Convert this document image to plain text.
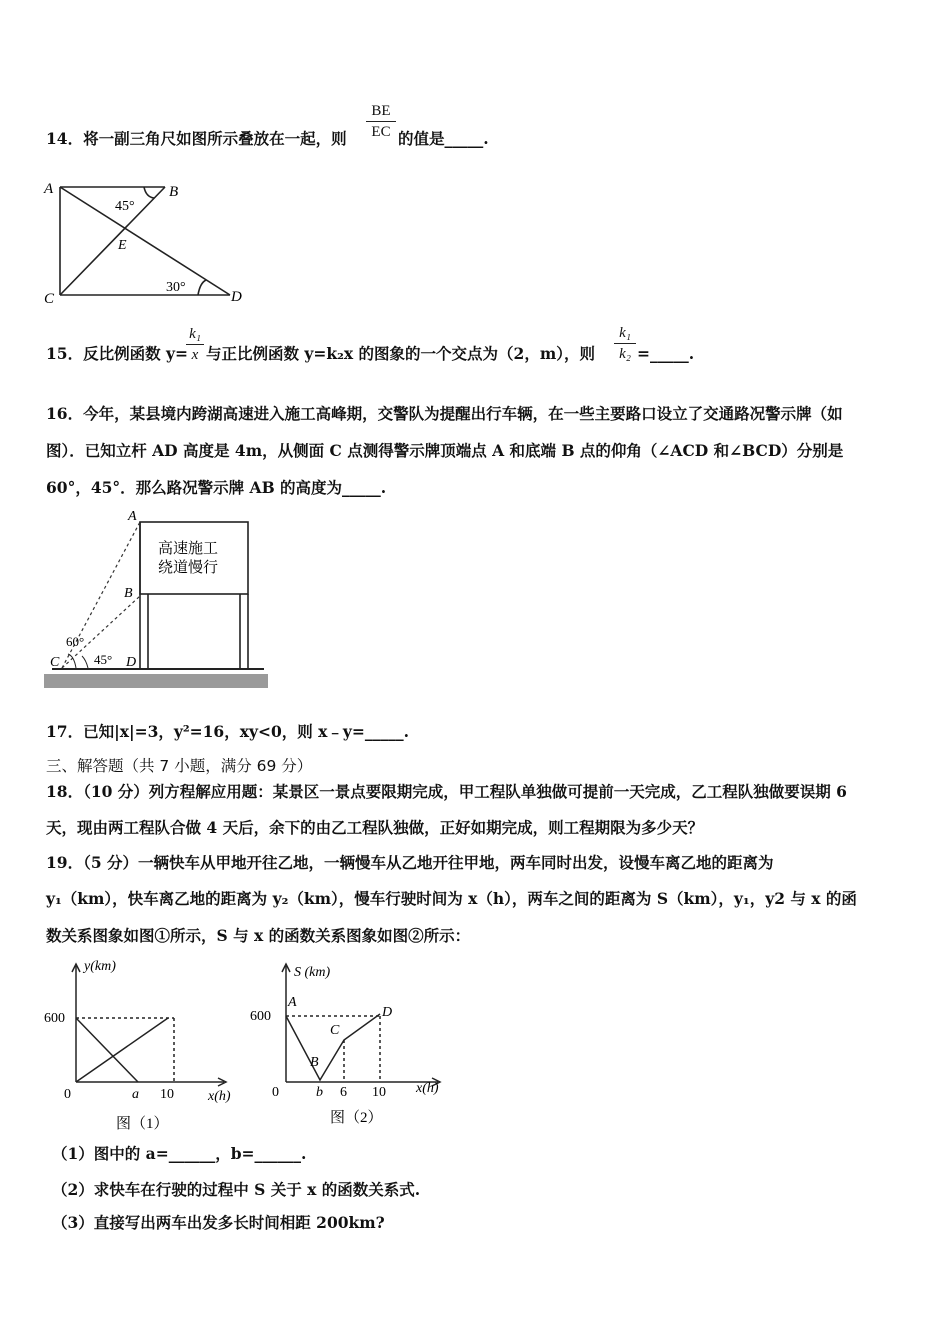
14．将一副三角尺如图所示叠放在一起，则
BE
EC 的值是_____.
A	B
C	D
E
45°
30°
15．反比例函数 y=
k₁
x 与正比例函数 y=k₂x 的图象的一个交点为（2，m），则
k₁
k₂ =_____.
16．今年，某县境内跨湖高速进入施工高峰期，交警队为提醒出行车辆，在一些主要路口设立了交通路况警示牌（如
图）．已知立杆 AD 高度是 4m，从侧面 C 点测得警示牌顶端点 A 和底端 B 点的仰角（∠ACD 和∠BCD）分别是
60°，45°．那么路况警示牌 AB 的高度为_____.
高速施工
绕道慢行
A
B
C	D
60°
45°
17．已知|x|=3，y²=16，xy<0，则 x﹣y=_____.
三、解答题（共 7 小题，满分 69 分）
18．（10 分）列方程解应用题：某景区一景点要限期完成，甲工程队单独做可提前一天完成，乙工程队独做要误期 6
天，现由两工程队合做 4 天后，余下的由乙工程队独做，正好如期完成，则工程期限为多少天？
19．（5 分）一辆快车从甲地开往乙地，一辆慢车从乙地开往甲地，两车同时出发，设慢车离乙地的距离为
y₁（km），快车离乙地的距离为 y₂（km），慢车行驶时间为 x（h），两车之间的距离为 S（km），y₁，y2 与 x 的函
数关系图象如图①所示，S 与 x 的函数关系图象如图②所示：
y(km)
x(h)
600
0	a 10
图（1）
S (km)
x(h)
600
0	b 6 10
A
B
C
D
图（2）
（1）图中的 a=______，b=______.
（2）求快车在行驶的过程中 S 关于 x 的函数关系式.
（3）直接写出两车出发多长时间相距 200km?
